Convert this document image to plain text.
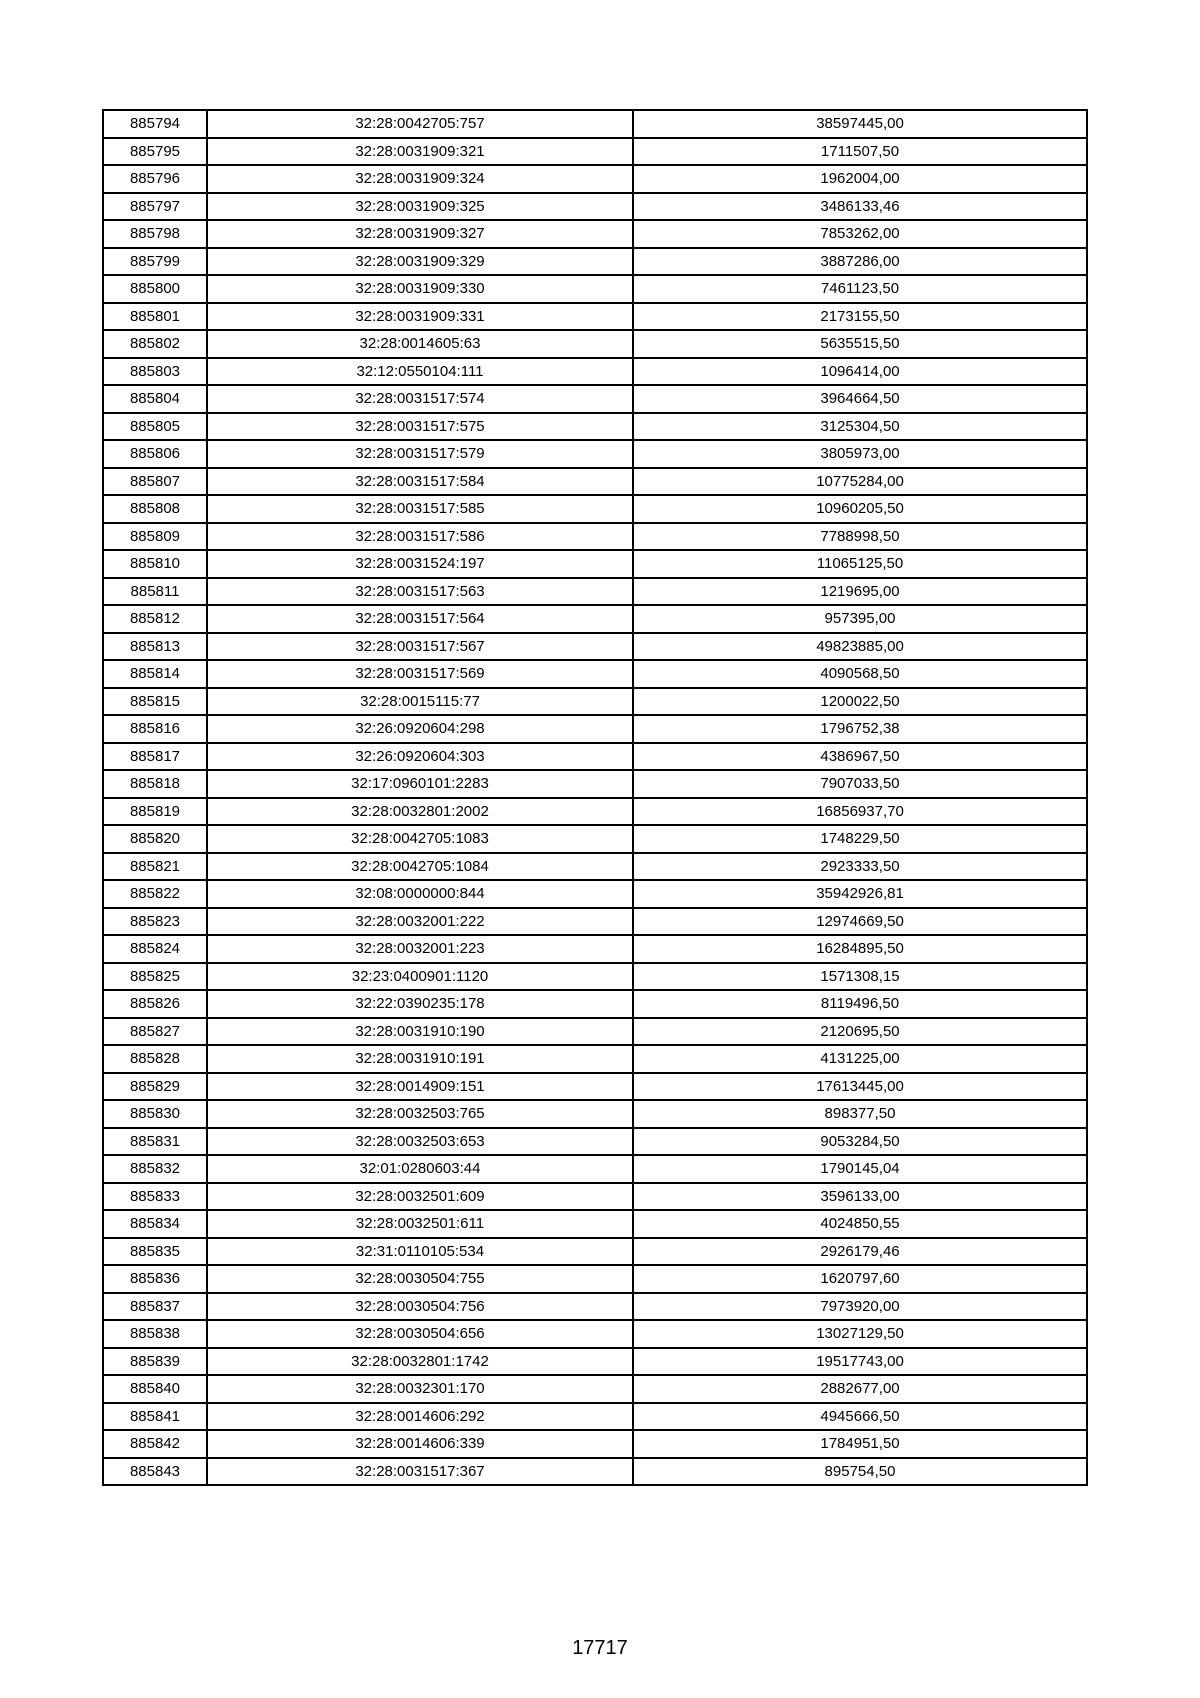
885794	32:28:0042705:757	38597445,00
885795	32:28:0031909:321	1711507,50
885796	32:28:0031909:324	1962004,00
885797	32:28:0031909:325	3486133,46
885798	32:28:0031909:327	7853262,00
885799	32:28:0031909:329	3887286,00
885800	32:28:0031909:330	7461123,50
885801	32:28:0031909:331	2173155,50
885802	32:28:0014605:63	5635515,50
885803	32:12:0550104:111	1096414,00
885804	32:28:0031517:574	3964664,50
885805	32:28:0031517:575	3125304,50
885806	32:28:0031517:579	3805973,00
885807	32:28:0031517:584	10775284,00
885808	32:28:0031517:585	10960205,50
885809	32:28:0031517:586	7788998,50
885810	32:28:0031524:197	11065125,50
885811	32:28:0031517:563	1219695,00
885812	32:28:0031517:564	957395,00
885813	32:28:0031517:567	49823885,00
885814	32:28:0031517:569	4090568,50
885815	32:28:0015115:77	1200022,50
885816	32:26:0920604:298	1796752,38
885817	32:26:0920604:303	4386967,50
885818	32:17:0960101:2283	7907033,50
885819	32:28:0032801:2002	16856937,70
885820	32:28:0042705:1083	1748229,50
885821	32:28:0042705:1084	2923333,50
885822	32:08:0000000:844	35942926,81
885823	32:28:0032001:222	12974669,50
885824	32:28:0032001:223	16284895,50
885825	32:23:0400901:1120	1571308,15
885826	32:22:0390235:178	8119496,50
885827	32:28:0031910:190	2120695,50
885828	32:28:0031910:191	4131225,00
885829	32:28:0014909:151	17613445,00
885830	32:28:0032503:765	898377,50
885831	32:28:0032503:653	9053284,50
885832	32:01:0280603:44	1790145,04
885833	32:28:0032501:609	3596133,00
885834	32:28:0032501:611	4024850,55
885835	32:31:0110105:534	2926179,46
885836	32:28:0030504:755	1620797,60
885837	32:28:0030504:756	7973920,00
885838	32:28:0030504:656	13027129,50
885839	32:28:0032801:1742	19517743,00
885840	32:28:0032301:170	2882677,00
885841	32:28:0014606:292	4945666,50
885842	32:28:0014606:339	1784951,50
885843	32:28:0031517:367	895754,50
17717
